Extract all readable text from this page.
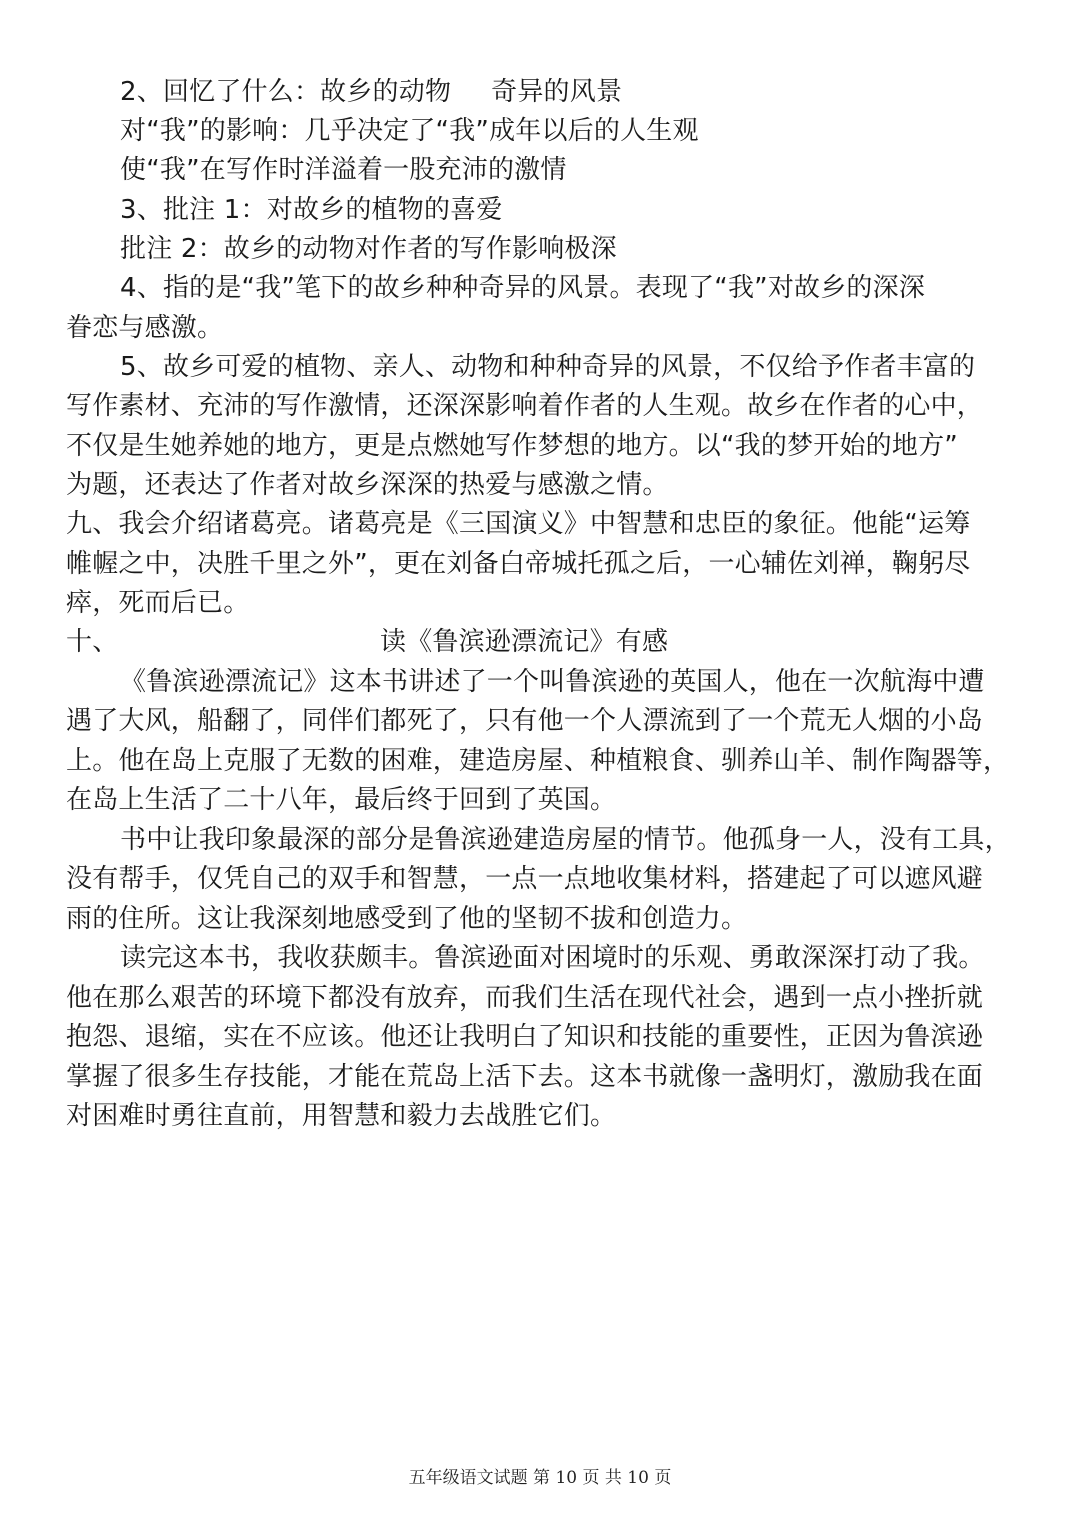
2、回忆了什么：故乡的动物 奇异的风景
对“我”的影响：几乎决定了“我”成年以后的人生观
使“我”在写作时洋溢着一股充沛的激情
3、批注 1：对故乡的植物的喜爱
批注 2：故乡的动物对作者的写作影响极深
4、指的是“我”笔下的故乡种种奇异的风景。表现了“我”对故乡的深深
眷恋与感激。
5、故乡可爱的植物、亲人、动物和种种奇异的风景，不仅给予作者丰富的
写作素材、充沛的写作激情，还深深影响着作者的人生观。故乡在作者的心中，
不仅是生她养她的地方，更是点燃她写作梦想的地方。以“我的梦开始的地方”
为题，还表达了作者对故乡深深的热爱与感激之情。
九、我会介绍诸葛亮。诸葛亮是《三国演义》中智慧和忠臣的象征。他能“运筹
帷幄之中，决胜千里之外”，更在刘备白帝城托孤之后，一心辅佐刘禅，鞠躬尽
瘁，死而后已。
十、	读《鲁滨逊漂流记》有感
《鲁滨逊漂流记》这本书讲述了一个叫鲁滨逊的英国人，他在一次航海中遭
遇了大风，船翻了，同伴们都死了，只有他一个人漂流到了一个荒无人烟的小岛
上。他在岛上克服了无数的困难，建造房屋、种植粮食、驯养山羊、制作陶器等，
在岛上生活了二十八年，最后终于回到了英国。
书中让我印象最深的部分是鲁滨逊建造房屋的情节。他孤身一人，没有工具，
没有帮手，仅凭自己的双手和智慧，一点一点地收集材料，搭建起了可以遮风避
雨的住所。这让我深刻地感受到了他的坚韧不拔和创造力。
读完这本书，我收获颇丰。鲁滨逊面对困境时的乐观、勇敢深深打动了我。
他在那么艰苦的环境下都没有放弃，而我们生活在现代社会，遇到一点小挫折就
抱怨、退缩，实在不应该。他还让我明白了知识和技能的重要性，正因为鲁滨逊
掌握了很多生存技能，才能在荒岛上活下去。这本书就像一盏明灯，激励我在面
对困难时勇往直前，用智慧和毅力去战胜它们。
五年级语文试题 第 10 页 共 10 页
